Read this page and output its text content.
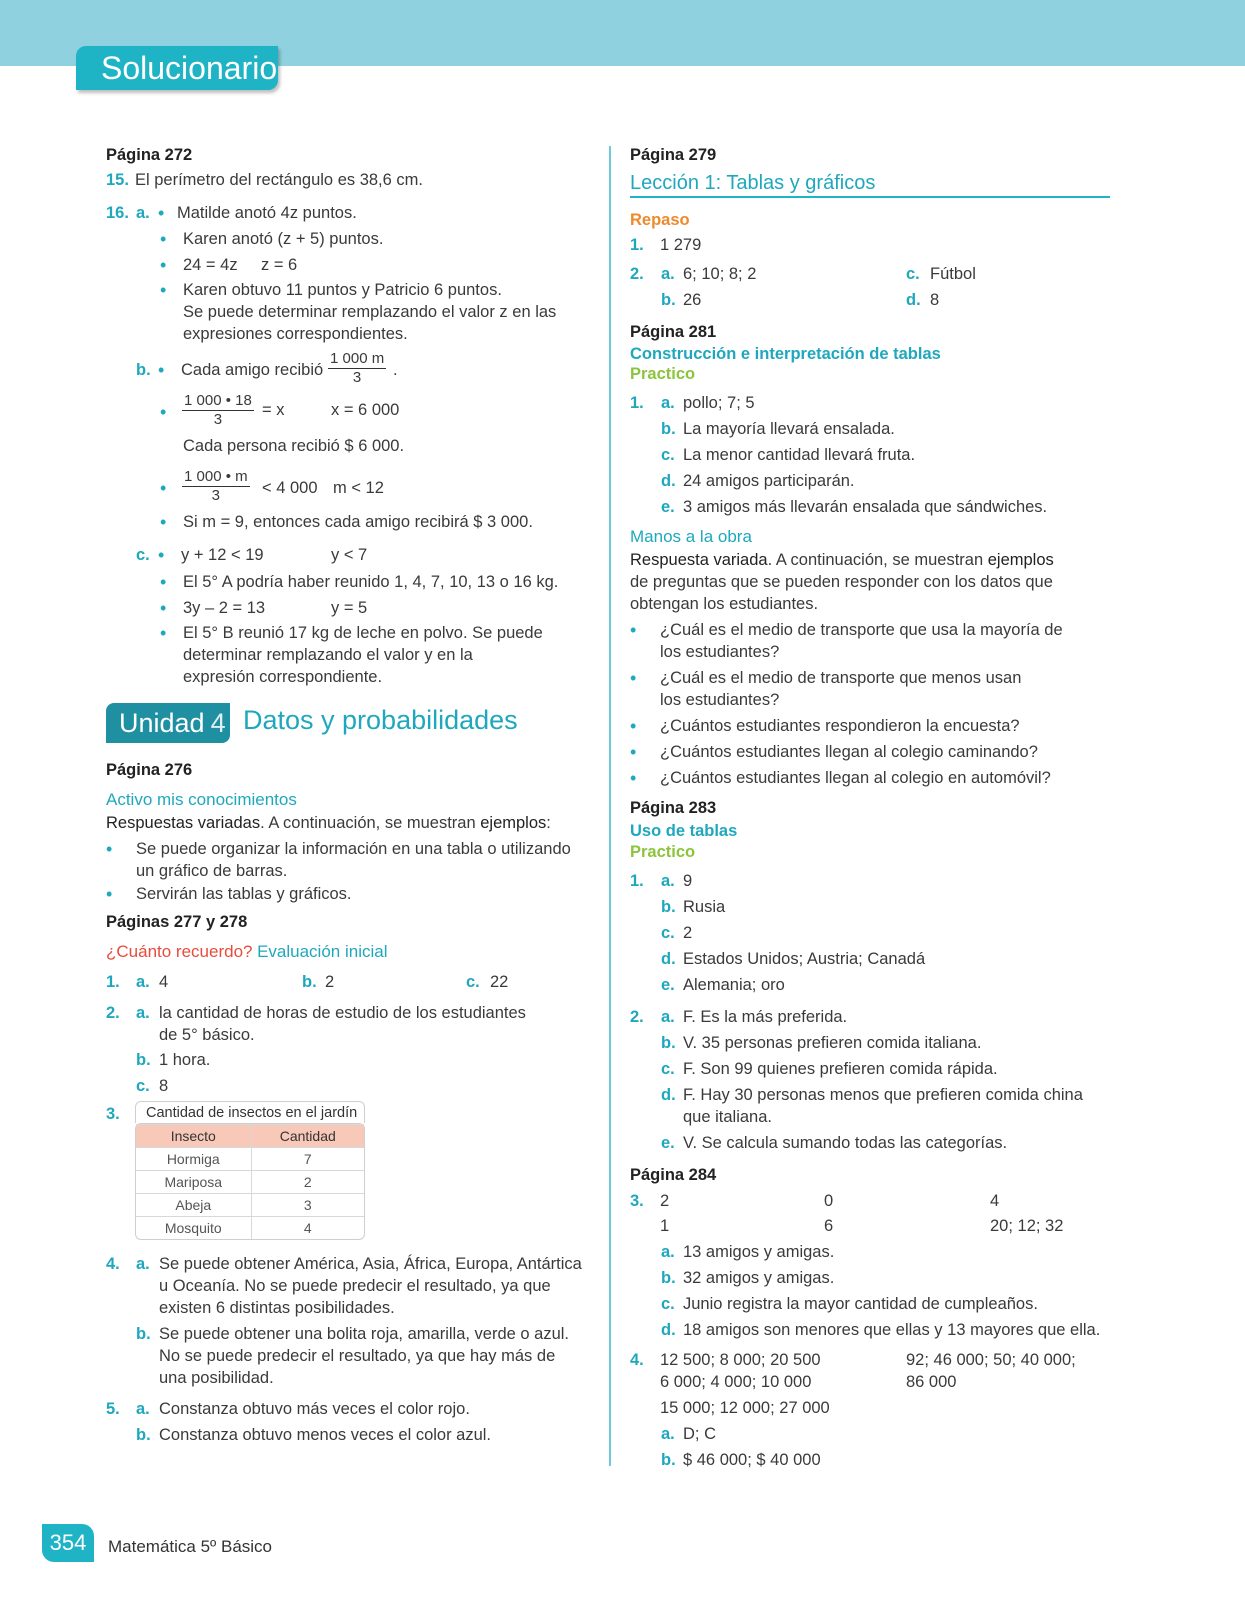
Solucionario
Página 272
15. El perímetro del rectángulo es 38,6 cm.
16. a. • Matilde anotó 4z puntos.
• Karen anotó (z + 5) puntos.
• 24 = 4z z = 6
• Karen obtuvo 11 puntos y Patricio 6 puntos.
Se puede determinar remplazando el valor z en las
expresiones correspondientes.
b. • Cada amigo recibió $\frac{1 000 m}{3}$ .
• $\frac{1 000 • 18}{3} = x$	x = 6 000
Cada persona recibió $ 6 000.
• $\frac{1 000 • m}{3} < 4$ 000 m < 12
• Si m = 9, entonces cada amigo recibirá $ 3 000.
c. • y + 12 < 19	y < 7
• El 5° A podría haber reunido 1, 4, 7, 10, 13 o 16 kg.
• 3y – 2 = 13	y = 5
• El 5° B reunió 17 kg de leche en polvo. Se puede
determinar remplazando el valor y en la
expresión correspondiente.
Unidad 4 Datos y probabilidades
Página 276
Activo mis conocimientos
Respuestas variadas. A continuación, se muestran ejemplos:
• Se puede organizar la información en una tabla o utilizando
un gráfico de barras.
• Servirán las tablas y gráficos.
Páginas 277 y 278
¿Cuánto recuerdo? Evaluación inicial
1. a. 4	b. 2	c. 22
2. a. la cantidad de horas de estudio de los estudiantes
de 5° básico.
b. 1 hora.
c. 8
3. Cantidad de insectos en el jardín
Insecto	Cantidad
Hormiga	7
Mariposa	2
Abeja	3
Mosquito	4
4. a. Se puede obtener América, Asia, África, Europa, Antártica
u Oceanía. No se puede predecir el resultado, ya que
existen 6 distintas posibilidades.
b. Se puede obtener una bolita roja, amarilla, verde o azul.
No se puede predecir el resultado, ya que hay más de
una posibilidad.
5. a. Constanza obtuvo más veces el color rojo.
b. Constanza obtuvo menos veces el color azul.
Página 279
Lección 1: Tablas y gráficos
Repaso
1. 1 279
2. a. 6; 10; 8; 2	c. Fútbol
b. 26	d. 8
Página 281
Construcción e interpretación de tablas
Practico
1. a. pollo; 7; 5
b. La mayoría llevará ensalada.
c. La menor cantidad llevará fruta.
d. 24 amigos participarán.
e. 3 amigos más llevarán ensalada que sándwiches.
Manos a la obra
Respuesta variada. A continuación, se muestran ejemplos
de preguntas que se pueden responder con los datos que
obtengan los estudiantes.
• ¿Cuál es el medio de transporte que usa la mayoría de
los estudiantes?
• ¿Cuál es el medio de transporte que menos usan
los estudiantes?
• ¿Cuántos estudiantes respondieron la encuesta?
• ¿Cuántos estudiantes llegan al colegio caminando?
• ¿Cuántos estudiantes llegan al colegio en automóvil?
Página 283
Uso de tablas
Practico
1. a. 9
b. Rusia
c. 2
d. Estados Unidos; Austria; Canadá
e. Alemania; oro
2. a. F. Es la más preferida.
b. V. 35 personas prefieren comida italiana.
c. F. Son 99 quienes prefieren comida rápida.
d. F. Hay 30 personas menos que prefieren comida china
que italiana.
e. V. Se calcula sumando todas las categorías.
Página 284
3. 2	0	4
1	6	20; 12; 32
a. 13 amigos y amigas.
b. 32 amigos y amigas.
c. Junio registra la mayor cantidad de cumpleaños.
d. 18 amigos son menores que ellas y 13 mayores que ella.
4. 12 500; 8 000; 20 500	92; 46 000; 50; 40 000;
6 000; 4 000; 10 000	86 000
15 000; 12 000; 27 000
a. D; C
b. $ 46 000; $ 40 000
354	Matemática 5º Básico
